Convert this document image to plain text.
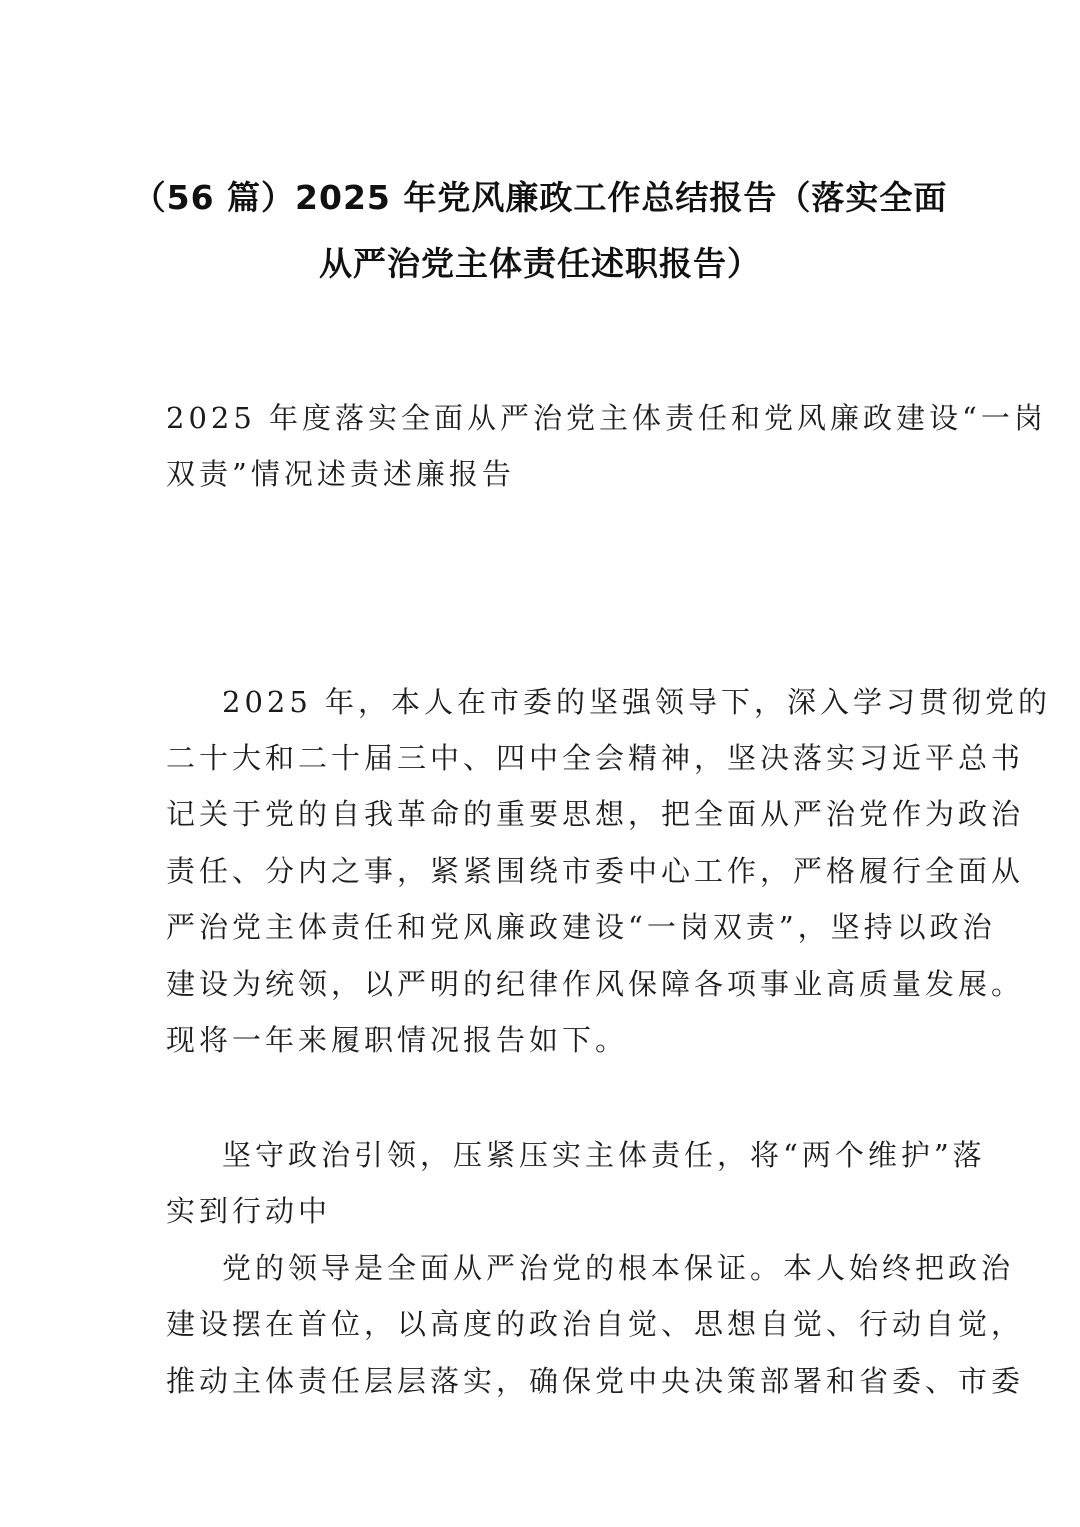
（56 篇）2025 年党风廉政工作总结报告（落实全面
从严治党主体责任述职报告）
2025 年度落实全面从严治党主体责任和党风廉政建设“一岗
双责”情况述责述廉报告
2025 年，本人在市委的坚强领导下，深入学习贯彻党的
二十大和二十届三中、四中全会精神，坚决落实习近平总书
记关于党的自我革命的重要思想，把全面从严治党作为政治
责任、分内之事，紧紧围绕市委中心工作，严格履行全面从
严治党主体责任和党风廉政建设“一岗双责”，坚持以政治
建设为统领，以严明的纪律作风保障各项事业高质量发展。
现将一年来履职情况报告如下。
坚守政治引领，压紧压实主体责任，将“两个维护”落
实到行动中
党的领导是全面从严治党的根本保证。本人始终把政治
建设摆在首位，以高度的政治自觉、思想自觉、行动自觉，
推动主体责任层层落实，确保党中央决策部署和省委、市委
